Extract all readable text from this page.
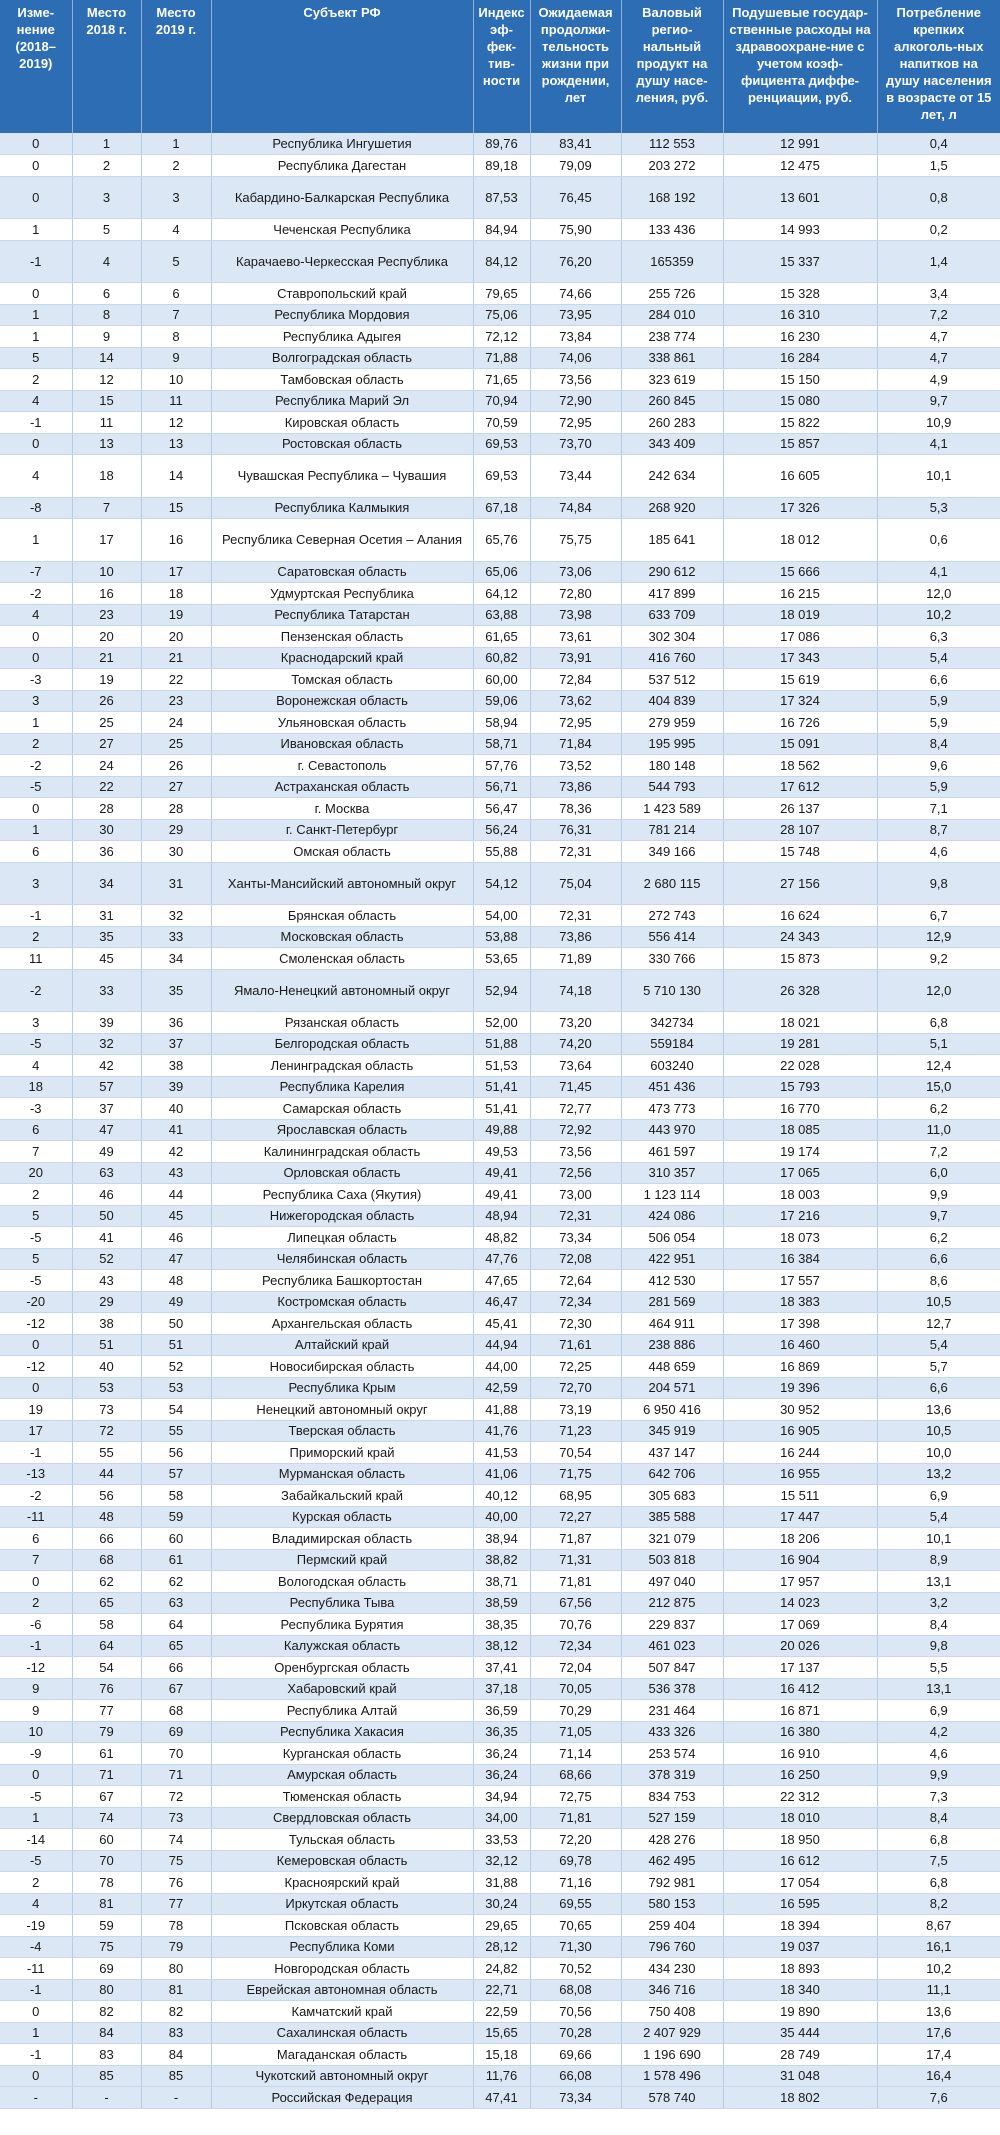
Изме-нение (2018–2019)	Место 2018 г.	Место 2019 г.	Субъект РФ	Индекс эф-фек-тив-ности	Ожидаемая продолжи-тельность жизни при рождении, лет	Валовый регио-нальный продукт на душу насе-ления, руб.	Подушевые государ-ственные расходы на здравоохране-ние с учетом коэф-фициента диффе-ренциации, руб.	Потребление крепких алкоголь-ных напитков на душу населения в возрасте от 15 лет, л
0	1	1	Республика Ингушетия	89,76	83,41	112 553	12 991	0,4
0	2	2	Республика Дагестан	89,18	79,09	203 272	12 475	1,5
0	3	3	Кабардино-Балкарская Республика	87,53	76,45	168 192	13 601	0,8
1	5	4	Чеченская Республика	84,94	75,90	133 436	14 993	0,2
-1	4	5	Карачаево-Черкесская Республика	84,12	76,20	165359	15 337	1,4
0	6	6	Ставропольский край	79,65	74,66	255 726	15 328	3,4
1	8	7	Республика Мордовия	75,06	73,95	284 010	16 310	7,2
1	9	8	Республика Адыгея	72,12	73,84	238 774	16 230	4,7
5	14	9	Волгоградская область	71,88	74,06	338 861	16 284	4,7
2	12	10	Тамбовская область	71,65	73,56	323 619	15 150	4,9
4	15	11	Республика Марий Эл	70,94	72,90	260 845	15 080	9,7
-1	11	12	Кировская область	70,59	72,95	260 283	15 822	10,9
0	13	13	Ростовская область	69,53	73,70	343 409	15 857	4,1
4	18	14	Чувашская Республика – Чувашия	69,53	73,44	242 634	16 605	10,1
-8	7	15	Республика Калмыкия	67,18	74,84	268 920	17 326	5,3
1	17	16	Республика Северная Осетия – Алания	65,76	75,75	185 641	18 012	0,6
-7	10	17	Саратовская область	65,06	73,06	290 612	15 666	4,1
-2	16	18	Удмуртская Республика	64,12	72,80	417 899	16 215	12,0
4	23	19	Республика Татарстан	63,88	73,98	633 709	18 019	10,2
0	20	20	Пензенская область	61,65	73,61	302 304	17 086	6,3
0	21	21	Краснодарский край	60,82	73,91	416 760	17 343	5,4
-3	19	22	Томская область	60,00	72,84	537 512	15 619	6,6
3	26	23	Воронежская область	59,06	73,62	404 839	17 324	5,9
1	25	24	Ульяновская область	58,94	72,95	279 959	16 726	5,9
2	27	25	Ивановская область	58,71	71,84	195 995	15 091	8,4
-2	24	26	г. Севастополь	57,76	73,52	180 148	18 562	9,6
-5	22	27	Астраханская область	56,71	73,86	544 793	17 612	5,9
0	28	28	г. Москва	56,47	78,36	1 423 589	26 137	7,1
1	30	29	г. Санкт-Петербург	56,24	76,31	781 214	28 107	8,7
6	36	30	Омская область	55,88	72,31	349 166	15 748	4,6
3	34	31	Ханты-Мансийский автономный округ	54,12	75,04	2 680 115	27 156	9,8
-1	31	32	Брянская область	54,00	72,31	272 743	16 624	6,7
2	35	33	Московская область	53,88	73,86	556 414	24 343	12,9
11	45	34	Смоленская область	53,65	71,89	330 766	15 873	9,2
-2	33	35	Ямало-Ненецкий автономный округ	52,94	74,18	5 710 130	26 328	12,0
3	39	36	Рязанская область	52,00	73,20	342734	18 021	6,8
-5	32	37	Белгородская область	51,88	74,20	559184	19 281	5,1
4	42	38	Ленинградская область	51,53	73,64	603240	22 028	12,4
18	57	39	Республика Карелия	51,41	71,45	451 436	15 793	15,0
-3	37	40	Самарская область	51,41	72,77	473 773	16 770	6,2
6	47	41	Ярославская область	49,88	72,92	443 970	18 085	11,0
7	49	42	Калининградская область	49,53	73,56	461 597	19 174	7,2
20	63	43	Орловская область	49,41	72,56	310 357	17 065	6,0
2	46	44	Республика Саха (Якутия)	49,41	73,00	1 123 114	18 003	9,9
5	50	45	Нижегородская область	48,94	72,31	424 086	17 216	9,7
-5	41	46	Липецкая область	48,82	73,34	506 054	18 073	6,2
5	52	47	Челябинская область	47,76	72,08	422 951	16 384	6,6
-5	43	48	Республика Башкортостан	47,65	72,64	412 530	17 557	8,6
-20	29	49	Костромская область	46,47	72,34	281 569	18 383	10,5
-12	38	50	Архангельская область	45,41	72,30	464 911	17 398	12,7
0	51	51	Алтайский край	44,94	71,61	238 886	16 460	5,4
-12	40	52	Новосибирская область	44,00	72,25	448 659	16 869	5,7
0	53	53	Республика Крым	42,59	72,70	204 571	19 396	6,6
19	73	54	Ненецкий автономный округ	41,88	73,19	6 950 416	30 952	13,6
17	72	55	Тверская область	41,76	71,23	345 919	16 905	10,5
-1	55	56	Приморский край	41,53	70,54	437 147	16 244	10,0
-13	44	57	Мурманская область	41,06	71,75	642 706	16 955	13,2
-2	56	58	Забайкальский край	40,12	68,95	305 683	15 511	6,9
-11	48	59	Курская область	40,00	72,27	385 588	17 447	5,4
6	66	60	Владимирская область	38,94	71,87	321 079	18 206	10,1
7	68	61	Пермский край	38,82	71,31	503 818	16 904	8,9
0	62	62	Вологодская область	38,71	71,81	497 040	17 957	13,1
2	65	63	Республика Тыва	38,59	67,56	212 875	14 023	3,2
-6	58	64	Республика Бурятия	38,35	70,76	229 837	17 069	8,4
-1	64	65	Калужская область	38,12	72,34	461 023	20 026	9,8
-12	54	66	Оренбургская область	37,41	72,04	507 847	17 137	5,5
9	76	67	Хабаровский край	37,18	70,05	536 378	16 412	13,1
9	77	68	Республика Алтай	36,59	70,29	231 464	16 871	6,9
10	79	69	Республика Хакасия	36,35	71,05	433 326	16 380	4,2
-9	61	70	Курганская область	36,24	71,14	253 574	16 910	4,6
0	71	71	Амурская область	36,24	68,66	378 319	16 250	9,9
-5	67	72	Тюменская область	34,94	72,75	834 753	22 312	7,3
1	74	73	Свердловская область	34,00	71,81	527 159	18 010	8,4
-14	60	74	Тульская область	33,53	72,20	428 276	18 950	6,8
-5	70	75	Кемеровская область	32,12	69,78	462 495	16 612	7,5
2	78	76	Красноярский край	31,88	71,16	792 981	17 054	6,8
4	81	77	Иркутская область	30,24	69,55	580 153	16 595	8,2
-19	59	78	Псковская область	29,65	70,65	259 404	18 394	8,67
-4	75	79	Республика Коми	28,12	71,30	796 760	19 037	16,1
-11	69	80	Новгородская область	24,82	70,52	434 230	18 893	10,2
-1	80	81	Еврейская автономная область	22,71	68,08	346 716	18 340	11,1
0	82	82	Камчатский край	22,59	70,56	750 408	19 890	13,6
1	84	83	Сахалинская область	15,65	70,28	2 407 929	35 444	17,6
-1	83	84	Магаданская область	15,18	69,66	1 196 690	28 749	17,4
0	85	85	Чукотский автономный округ	11,76	66,08	1 578 496	31 048	16,4
-	-	-	Российская Федерация	47,41	73,34	578 740	18 802	7,6
